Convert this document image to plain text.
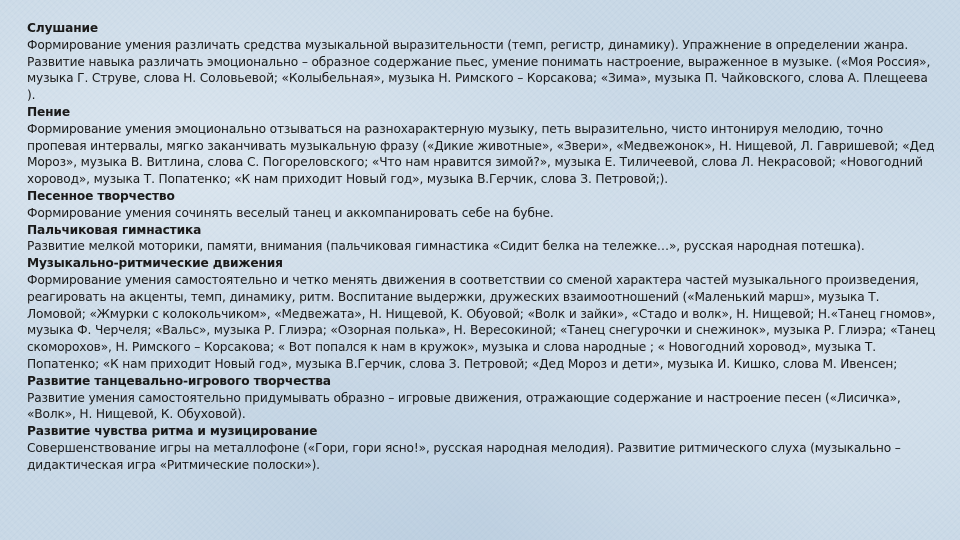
Слушание

Формирование умения различать средства музыкальной выразительности (темп, регистр, динамику). Упражнение в определении жанра. Развитие навыка различать эмоционально – образное содержание пьес, умение понимать настроение, выраженное в музыке. («Моя Россия», музыка Г. Струве, слова Н. Соловьевой; «Колыбельная», музыка Н. Римского – Корсакова; «Зима», музыка П. Чайковского, слова А. Плещеева ).

Пение

Формирование умения эмоционально отзываться на разнохарактерную музыку, петь выразительно, чисто интонируя мелодию, точно пропевая интервалы, мягко заканчивать музыкальную фразу («Дикие животные», «Звери», «Медвежонок», Н. Нищевой, Л. Гавришевой; «Дед Мороз», музыка В. Витлина, слова С. Погореловского; «Что нам нравится зимой?», музыка Е. Тиличеевой, слова Л. Некрасовой; «Новогодний хоровод», музыка Т. Попатенко; «К нам приходит Новый год», музыка В.Герчик, слова З. Петровой;).

Песенное творчество

Формирование умения сочинять веселый танец и аккомпанировать себе на бубне.

Пальчиковая гимнастика

Развитие мелкой моторики, памяти, внимания (пальчиковая гимнастика «Сидит белка на тележке…», русская народная потешка).

Музыкально-ритмические движения

Формирование умения самостоятельно и четко менять движения в соответствии со сменой характера частей музыкального произведения, реагировать на акценты, темп, динамику, ритм. Воспитание выдержки, дружеских взаимоотношений («Маленький марш», музыка Т. Ломовой; «Жмурки с колокольчиком», «Медвежата», Н. Нищевой, К. Обуовой; «Волк и зайки», «Стадо и волк», Н. Нищевой; Н.«Танец гномов», музыка Ф. Черчеля; «Вальс», музыка Р. Глиэра; «Озорная полька», Н. Вересокиной; «Танец снегурочки и снежинок», музыка Р. Глиэра; «Танец скоморохов», Н. Римского – Корсакова; « Вот попался к нам в кружок», музыка и слова народные ; « Новогодний хоровод», музыка Т. Попатенко; «К нам приходит Новый год», музыка В.Герчик, слова З. Петровой; «Дед Мороз и дети», музыка И. Кишко, слова М. Ивенсен;

Развитие танцевально-игрового творчества

Развитие умения самостоятельно придумывать образно – игровые движения, отражающие содержание и настроение песен («Лисичка», «Волк», Н. Нищевой, К. Обуховой).

Развитие чувства ритма и музицирование

Совершенствование игры на металлофоне («Гори, гори ясно!», русская народная мелодия). Развитие ритмического слуха (музыкально – дидактическая игра «Ритмические полоски»).
